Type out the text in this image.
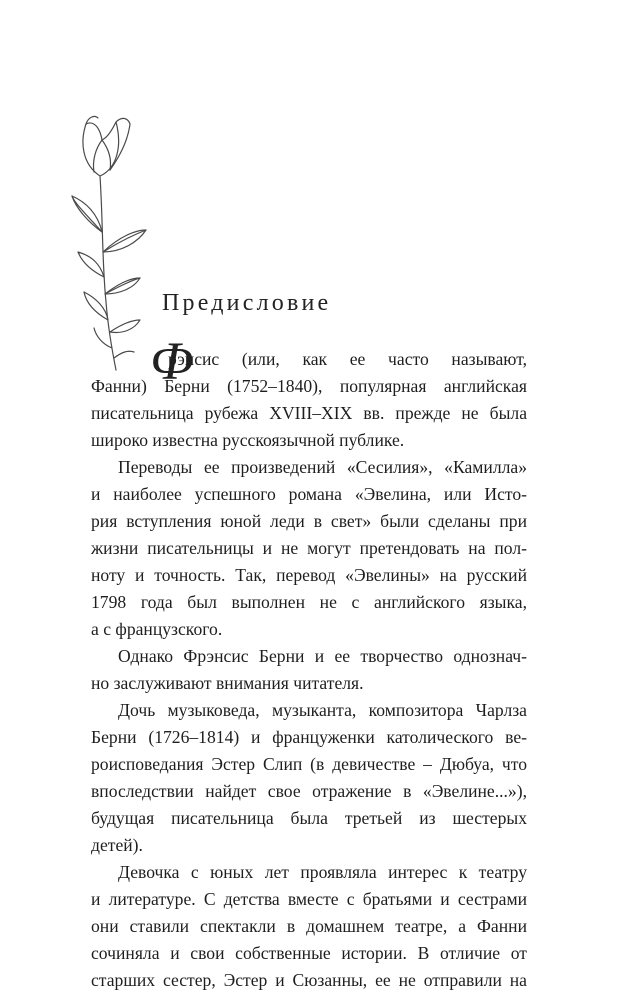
Предисловие
Ф
рэнсис (или, как ее часто называют,
Фанни) Берни (1752–1840), популярная английская
писательница рубежа XVIII–XIX вв. прежде не была
широко известна русскоязычной публике.
Переводы ее произведений «Сесилия», «Камилла»
и наиболее успешного романа «Эвелина, или Исто-
рия вступления юной леди в свет» были сделаны при
жизни писательницы и не могут претендовать на пол-
ноту и точность. Так, перевод «Эвелины» на русский
1798 года был выполнен не с английского языка,
а с французского.
Однако Фрэнсис Берни и ее творчество однознач-
но заслуживают внимания читателя.
Дочь музыковеда, музыканта, композитора Чарлза
Берни (1726–1814) и француженки католического ве-
роисповедания Эстер Слип (в девичестве – Дюбуа, что
впоследствии найдет свое отражение в «Эвелине...»),
будущая писательница была третьей из шестерых
детей).
Девочка с юных лет проявляла интерес к театру
и литературе. С детства вместе с братьями и сестрами
они ставили спектакли в домашнем театре, а Фанни
сочиняла и свои собственные истории. В отличие от
старших сестер, Эстер и Сюзанны, ее не отправили на
